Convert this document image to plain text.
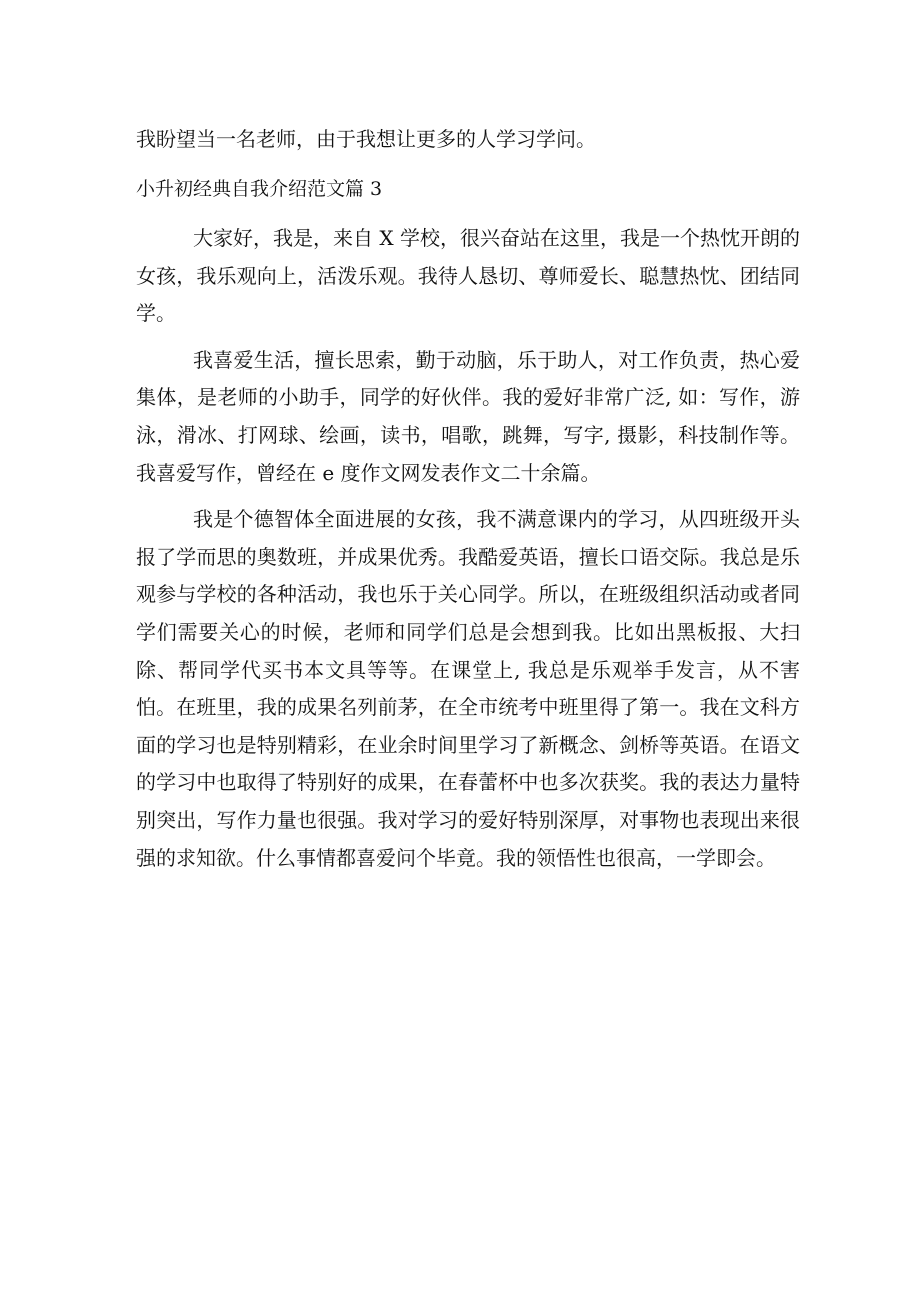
我盼望当一名老师，由于我想让更多的人学习学问。
小升初经典自我介绍范文篇 3

大家好，我是，来自 X 学校，很兴奋站在这里，我是一个热忱开朗的女孩，我乐观向上，活泼乐观。我待人恳切、尊师爱长、聪慧热忱、团结同学。

我喜爱生活，擅长思索，勤于动脑，乐于助人，对工作负责，热心爱集体，是老师的小助手，同学的好伙伴。我的爱好非常广泛, 如：写作，游泳，滑冰、打网球、绘画，读书，唱歌，跳舞，写字, 摄影，科技制作等。我喜爱写作，曾经在 e 度作文网发表作文二十余篇。

我是个德智体全面进展的女孩，我不满意课内的学习，从四班级开头报了学而思的奥数班，并成果优秀。我酷爱英语，擅长口语交际。我总是乐观参与学校的各种活动，我也乐于关心同学。所以，在班级组织活动或者同学们需要关心的时候，老师和同学们总是会想到我。比如出黑板报、大扫除、帮同学代买书本文具等等。在课堂上, 我总是乐观举手发言，从不害怕。在班里，我的成果名列前茅，在全市统考中班里得了第一。我在文科方面的学习也是特别精彩，在业余时间里学习了新概念、剑桥等英语。在语文的学习中也取得了特别好的成果，在春蕾杯中也多次获奖。我的表达力量特别突出，写作力量也很强。我对学习的爱好特别深厚，对事物也表现出来很强的求知欲。什么事情都喜爱问个毕竟。我的领悟性也很高，一学即会。
